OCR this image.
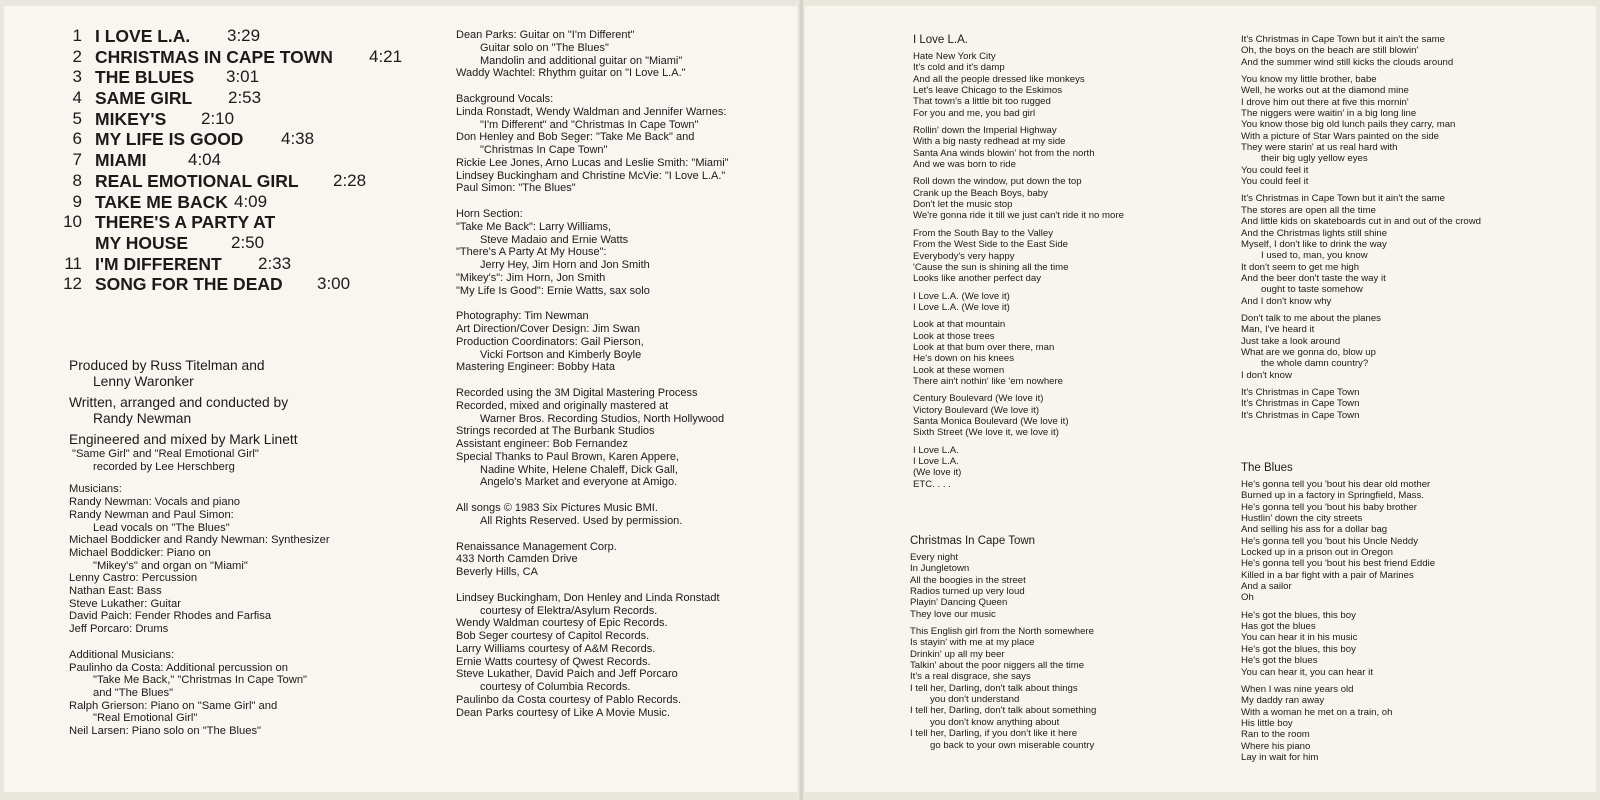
1 I LOVE L.A. 3:29
2 CHRISTMAS IN CAPE TOWN 4:21
3 THE BLUES 3:01
4 SAME GIRL 2:53
5 MIKEY'S 2:10
6 MY LIFE IS GOOD 4:38
7 MIAMI 4:04
8 REAL EMOTIONAL GIRL 2:28
9 TAKE ME BACK 4:09
10 THERE'S A PARTY AT
MY HOUSE	2:50
11 I'M DIFFERENT 2:33
12 SONG FOR THE DEAD 3:00

Produced by Russ Titelman and

Lenny Waronker

Written, arranged and conducted by

Randy Newman

Engineered and mixed by Mark Linett

"Same Girl" and "Real Emotional Girl"

recorded by Lee Herschberg

Musicians:

Randy Newman: Vocals and piano

Randy Newman and Paul Simon:

Lead vocals on "The Blues"

Michael Boddicker and Randy Newman: Synthesizer

Michael Boddicker: Piano on

"Mikey's" and organ on "Miami"

Lenny Castro: Percussion

Nathan East: Bass

Steve Lukather: Guitar

David Paich: Fender Rhodes and Farfisa

Jeff Porcaro: Drums

Additional Musicians:

Paulinho da Costa: Additional percussion on

"Take Me Back," "Christmas In Cape Town"

and "The Blues"

Ralph Grierson: Piano on "Same Girl" and

"Real Emotional Girl"

Neil Larsen: Piano solo on "The Blues"

Dean Parks: Guitar on "I'm Different"

Guitar solo on "The Blues"

Mandolin and additional guitar on "Miami"

Waddy Wachtel: Rhythm guitar on "I Love L.A."

Background Vocals:

Linda Ronstadt, Wendy Waldman and Jennifer Warnes:

"I'm Different" and "Christmas In Cape Town"

Don Henley and Bob Seger: "Take Me Back" and

"Christmas In Cape Town"

Rickie Lee Jones, Arno Lucas and Leslie Smith: "Miami"

Lindsey Buckingham and Christine McVie: "I Love L.A."

Paul Simon: "The Blues"

Horn Section:

"Take Me Back": Larry Williams,

Steve Madaio and Ernie Watts

"There's A Party At My House":

Jerry Hey, Jim Horn and Jon Smith

"Mikey's": Jim Horn, Jon Smith

"My Life Is Good": Ernie Watts, sax solo

Photography: Tim Newman

Art Direction/Cover Design: Jim Swan

Production Coordinators: Gail Pierson,

Vicki Fortson and Kimberly Boyle

Mastering Engineer: Bobby Hata

Recorded using the 3M Digital Mastering Process

Recorded, mixed and originally mastered at

Warner Bros. Recording Studios, North Hollywood

Strings recorded at The Burbank Studios

Assistant engineer: Bob Fernandez

Special Thanks to Paul Brown, Karen Appere,

Nadine White, Helene Chaleff, Dick Gall,

Angelo's Market and everyone at Amigo.

All songs © 1983 Six Pictures Music BMI.

All Rights Reserved. Used by permission.

Renaissance Management Corp.

433 North Camden Drive

Beverly Hills, CA

Lindsey Buckingham, Don Henley and Linda Ronstadt

courtesy of Elektra/Asylum Records.

Wendy Waldman courtesy of Epic Records.

Bob Seger courtesy of Capitol Records.

Larry Williams courtesy of A&M Records.

Ernie Watts courtesy of Qwest Records.

Steve Lukather, David Paich and Jeff Porcaro

courtesy of Columbia Records.

Paulinbo da Costa courtesy of Pablo Records.

Dean Parks courtesy of Like A Movie Music.

I Love L.A.

Hate New York City

It's cold and it's damp

And all the people dressed like monkeys

Let's leave Chicago to the Eskimos

That town's a little bit too rugged

For you and me, you bad girl

Rollin' down the Imperial Highway

With a big nasty redhead at my side

Santa Ana winds blowin' hot from the north

And we was born to ride

Roll down the window, put down the top

Crank up the Beach Boys, baby

Don't let the music stop

We're gonna ride it till we just can't ride it no more

From the South Bay to the Valley

From the West Side to the East Side

Everybody's very happy

'Cause the sun is shining all the time

Looks like another perfect day

I Love L.A. (We love it)

I Love L.A. (We love it)

Look at that mountain

Look at those trees

Look at that bum over there, man

He's down on his knees

Look at these women

There ain't nothin' like 'em nowhere

Century Boulevard (We love it)

Victory Boulevard (We love it)

Santa Monica Boulevard (We love it)

Sixth Street (We love it, we love it)

I Love L.A.

I Love L.A.

(We love it)

ETC. . . .

Christmas In Cape Town

Every night

In Jungletown

All the boogies in the street

Radios turned up very loud

Playin' Dancing Queen

They love our music

This English girl from the North somewhere

Is stayin' with me at my place

Drinkin' up all my beer

Talkin' about the poor niggers all the time

It's a real disgrace, she says

I tell her, Darling, don't talk about things

you don't understand

I tell her, Darling, don't talk about something

you don't know anything about

I tell her, Darling, if you don't like it here

go back to your own miserable country

It's Christmas in Cape Town but it ain't the same

Oh, the boys on the beach are still blowin'

And the summer wind still kicks the clouds around

You know my little brother, babe

Well, he works out at the diamond mine

I drove him out there at five this mornin'

The niggers were waitin' in a big long line

You know those big old lunch pails they carry, man

With a picture of Star Wars painted on the side

They were starin' at us real hard with

their big ugly yellow eyes

You could feel it

You could feel it

It's Christmas in Cape Town but it ain't the same

The stores are open all the time

And little kids on skateboards cut in and out of the crowd

And the Christmas lights still shine

Myself, I don't like to drink the way

I used to, man, you know

It don't seem to get me high

And the beer don't taste the way it

ought to taste somehow

And I don't know why

Don't talk to me about the planes

Man, I've heard it

Just take a look around

What are we gonna do, blow up

the whole damn country?

I don't know

It's Christmas in Cape Town

It's Christmas in Cape Town

It's Christmas in Cape Town

The Blues

He's gonna tell you 'bout his dear old mother

Burned up in a factory in Springfield, Mass.

He's gonna tell you 'bout his baby brother

Hustlin' down the city streets

And selling his ass for a dollar bag

He's gonna tell you 'bout his Uncle Neddy

Locked up in a prison out in Oregon

He's gonna tell you 'bout his best friend Eddie

Killed in a bar fight with a pair of Marines

And a sailor

Oh

He's got the blues, this boy

Has got the blues

You can hear it in his music

He's got the blues, this boy

He's got the blues

You can hear it, you can hear it

When I was nine years old

My daddy ran away

With a woman he met on a train, oh

His little boy

Ran to the room

Where his piano

Lay in wait for him
